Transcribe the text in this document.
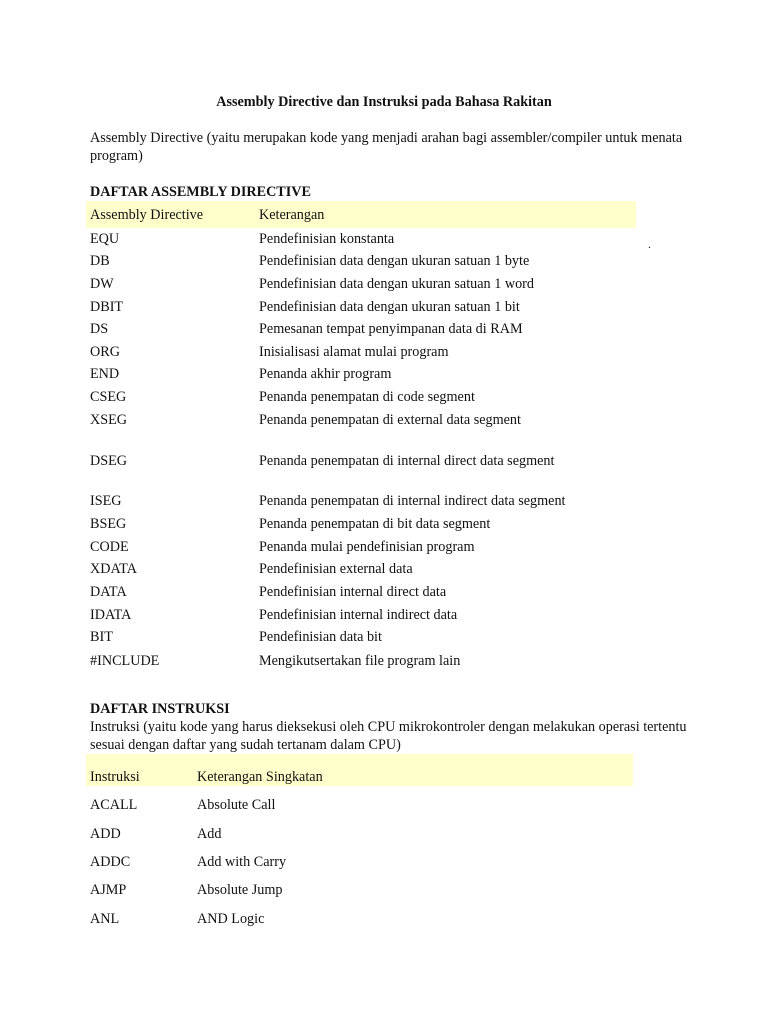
Assembly Directive dan Instruksi pada Bahasa Rakitan
Assembly Directive (yaitu merupakan kode yang menjadi arahan bagi assembler/compiler untuk menata program)
DAFTAR ASSEMBLY DIRECTIVE
Assembly Directive	Keterangan
.
EQU	Pendefinisian konstanta
DB	Pendefinisian data dengan ukuran satuan 1 byte
DW	Pendefinisian data dengan ukuran satuan 1 word
DBIT	Pendefinisian data dengan ukuran satuan 1 bit
DS	Pemesanan tempat penyimpanan data di RAM
ORG	Inisialisasi alamat mulai program
END	Penanda akhir program
CSEG	Penanda penempatan di code segment
XSEG	Penanda penempatan di external data segment
DSEG	Penanda penempatan di internal direct data segment
ISEG	Penanda penempatan di internal indirect data segment
BSEG	Penanda penempatan di bit data segment
CODE	Penanda mulai pendefinisian program
XDATA	Pendefinisian external data
DATA	Pendefinisian internal direct data
IDATA	Pendefinisian internal indirect data
BIT	Pendefinisian data bit
#INCLUDE	Mengikutsertakan file program lain
DAFTAR INSTRUKSI
Instruksi (yaitu kode yang harus dieksekusi oleh CPU mikrokontroler dengan melakukan operasi tertentu sesuai dengan daftar yang sudah tertanam dalam CPU)
Instruksi	Keterangan Singkatan
ACALL	Absolute Call
ADD	Add
ADDC	Add with Carry
AJMP	Absolute Jump
ANL	AND Logic
